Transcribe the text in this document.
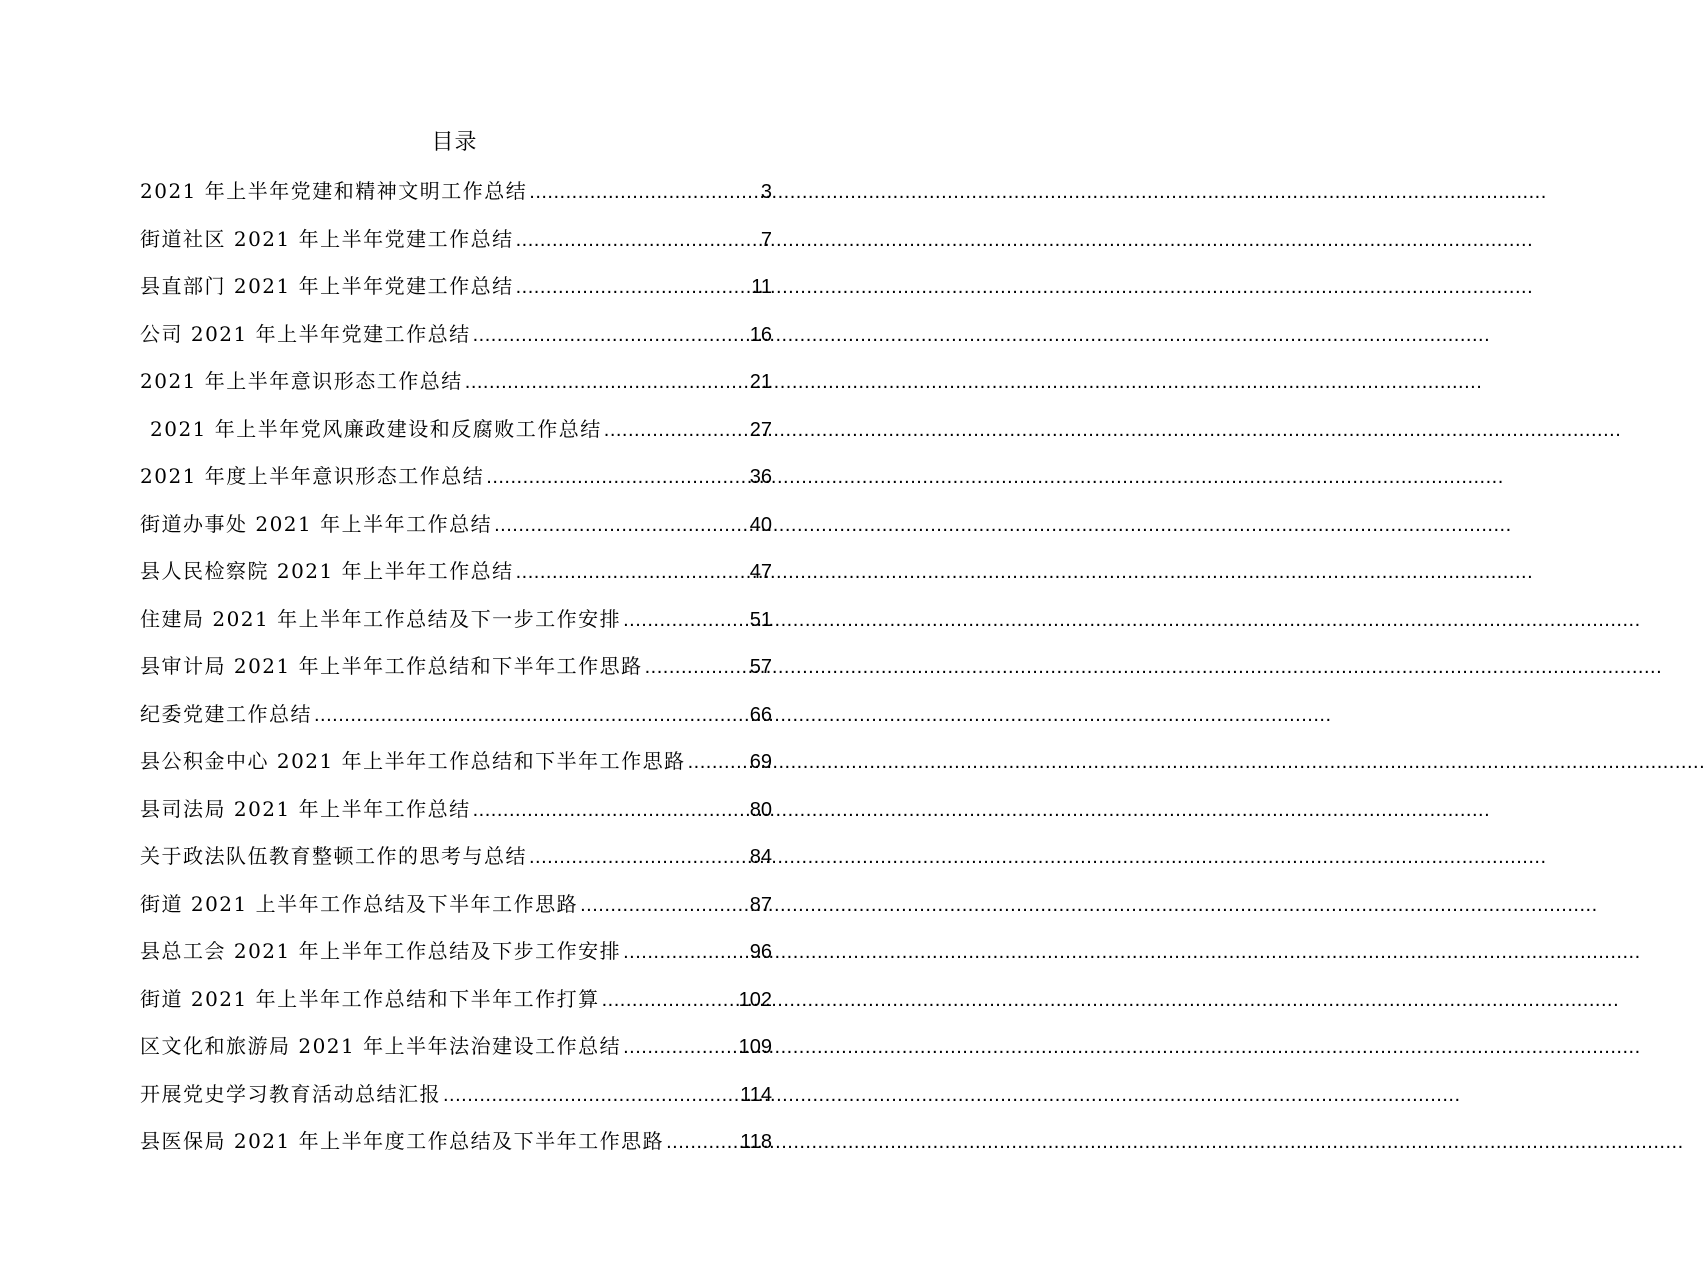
目录
2021 年上半年党建和精神文明工作总结 .....	3
街道社区 2021 年上半年党建工作总结 .....	7
县直部门 2021 年上半年党建工作总结 .....	11
公司 2021 年上半年党建工作总结 .....	16
2021 年上半年意识形态工作总结 .....	21
2021 年上半年党风廉政建设和反腐败工作总结 .....	27
2021 年度上半年意识形态工作总结 .....	36
街道办事处 2021 年上半年工作总结 .....	40
县人民检察院 2021 年上半年工作总结 .....	47
住建局 2021 年上半年工作总结及下一步工作安排 .....	51
县审计局 2021 年上半年工作总结和下半年工作思路 .....	57
纪委党建工作总结 .....	66
县公积金中心 2021 年上半年工作总结和下半年工作思路 .....	69
县司法局 2021 年上半年工作总结 .....	80
关于政法队伍教育整顿工作的思考与总结 .....	84
街道 2021 上半年工作总结及下半年工作思路 .....	87
县总工会 2021 年上半年工作总结及下步工作安排 .....	96
街道 2021 年上半年工作总结和下半年工作打算 .....	102
区文化和旅游局 2021 年上半年法治建设工作总结 .....	109
开展党史学习教育活动总结汇报 .....	114
县医保局 2021 年上半年度工作总结及下半年工作思路 .....	118
